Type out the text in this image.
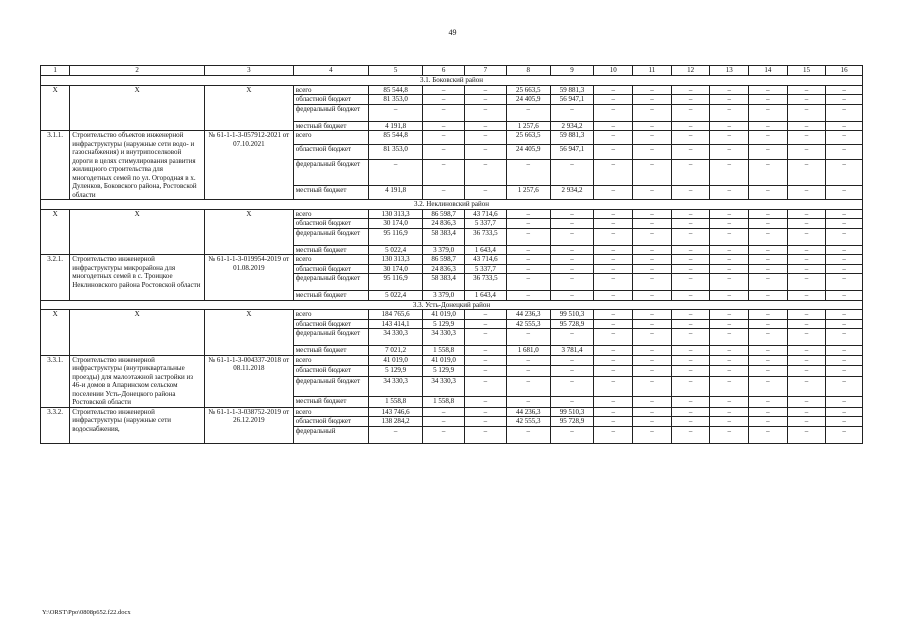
49
1	2	3	4	5	6	7	8	9	10	11	12	13	14	15	16
3.1. Боковский район															
X	X	X	всего	85 544,8	–	–	25 663,5	59 881,3	–	–	–	–	–	–	–
			областной бюджет	81 353,0	–	–	24 405,9	56 947,1	–	–	–	–	–	–	–
			федеральный бюджет	–	–	–	–	–	–	–	–	–	–	–	–
			местный бюджет	4 191,8	–	–	1 257,6	2 934,2	–	–	–	–	–	–	–
3.1.1.	Строительство объектов инженерной инфраструктуры (наружные сети водо- и газоснабжения) и внутрипоселковой дороги в целях стимулирования развития жилищного строительства для многодетных семей по ул. Огородная в х. Дуленков, Боковского района, Ростовской области	№ 61-1-1-3-057912-2021 от 07.10.2021	всего	85 544,8	–	–	25 663,5	59 881,3	–	–	–	–	–	–	–
			областной бюджет	81 353,0	–	–	24 405,9	56 947,1	–	–	–	–	–	–	–
			федеральный бюджет	–	–	–	–	–	–	–	–	–	–	–	–
			местный бюджет	4 191,8	–	–	1 257,6	2 934,2	–	–	–	–	–	–	–
3.2. Неклиновский район															
X	X	X	всего	130 313,3	86 598,7	43 714,6	–	–	–	–	–	–	–	–	–
			областной бюджет	30 174,0	24 836,3	5 337,7	–	–	–	–	–	–	–	–	–
			федеральный бюджет	95 116,9	58 383,4	36 733,5	–	–	–	–	–	–	–	–	–
			местный бюджет	5 022,4	3 379,0	1 643,4	–	–	–	–	–	–	–	–	–
3.2.1.	Строительство инженерной инфраструктуры микрорайона для многодетных семей в с. Троицкое Неклиновского района Ростовской области	№ 61-1-1-3-019954-2019 от 01.08.2019	всего	130 313,3	86 598,7	43 714,6	–	–	–	–	–	–	–	–	–
			областной бюджет	30 174,0	24 836,3	5 337,7	–	–	–	–	–	–	–	–	–
			федеральный бюджет	95 116,9	58 383,4	36 733,5	–	–	–	–	–	–	–	–	–
			местный бюджет	5 022,4	3 379,0	1 643,4	–	–	–	–	–	–	–	–	–
3.3. Усть-Донецкий район															
X	X	X	всего	184 765,6	41 019,0	–	44 236,3	99 510,3	–	–	–	–	–	–	–
			областной бюджет	143 414,1	5 129,9	–	42 555,3	95 728,9	–	–	–	–	–	–	–
			федеральный бюджет	34 330,3	34 330,3	–	–	–	–	–	–	–	–	–	–
			местный бюджет	7 021,2	1 558,8	–	1 681,0	3 781,4	–	–	–	–	–	–	–
3.3.1.	Строительство инженерной инфраструктуры (внутриквартальные проезды) для малоэтажной застройки из 46-и домов в Апаринском сельском поселении Усть-Донецкого района Ростовской области	№ 61-1-1-3-004337-2018 от 08.11.2018	всего	41 019,0	41 019,0	–	–	–	–	–	–	–	–	–	–
			областной бюджет	5 129,9	5 129,9	–	–	–	–	–	–	–	–	–	–
			федеральный бюджет	34 330,3	34 330,3	–	–	–	–	–	–	–	–	–	–
			местный бюджет	1 558,8	1 558,8	–	–	–	–	–	–	–	–	–	–
3.3.2.	Строительство инженерной инфраструктуры (наружные сети водоснабжения,	№ 61-1-1-3-038752-2019 от 26.12.2019	всего	143 746,6	–	–	44 236,3	99 510,3	–	–	–	–	–	–	–
			областной бюджет	138 284,2	–	–	42 555,3	95 728,9	–	–	–	–	–	–	–
			федеральный	–	–	–	–	–	–	–	–	–	–	–	–
Y:\ORST\Ppo\0808p652.f22.docx
